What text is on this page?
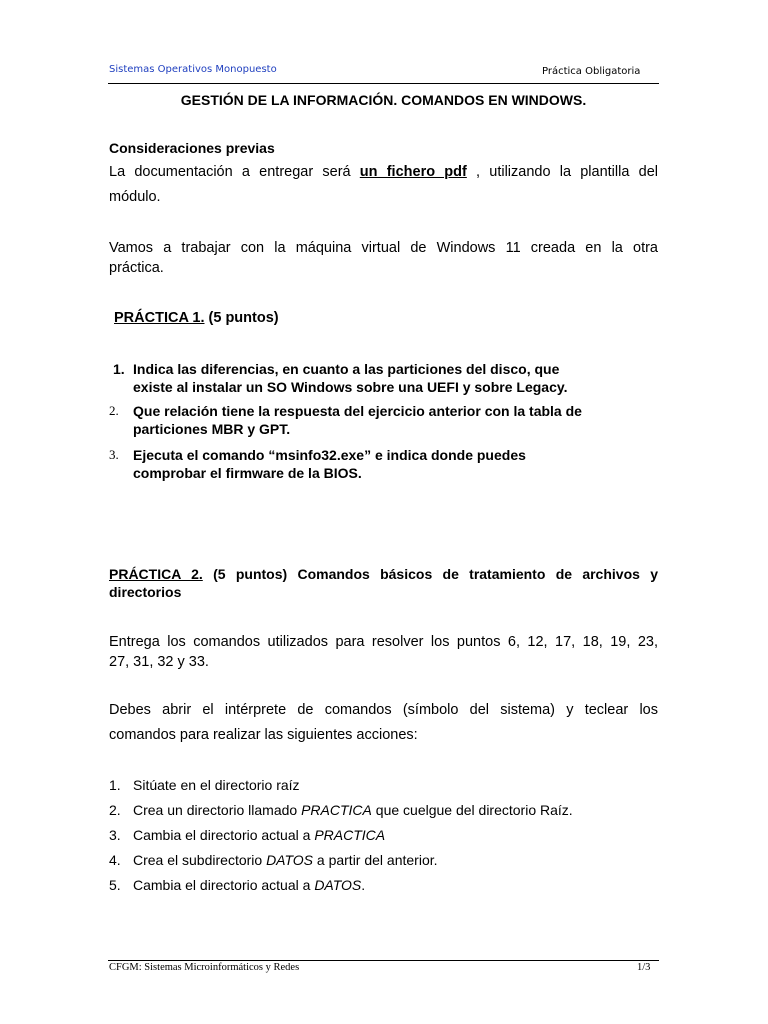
Sistemas Operativos Monopuesto	Práctica Obligatoria
GESTIÓN DE LA INFORMACIÓN. COMANDOS EN WINDOWS.
Consideraciones previas
La documentación a entregar será un fichero pdf , utilizando la plantilla del
módulo.
Vamos a trabajar con la máquina virtual de Windows 11 creada en la otra
práctica.
PRÁCTICA 1. (5 puntos)
1. Indica las diferencias, en cuanto a las particiones del disco, que
existe al instalar un SO Windows sobre una UEFI y sobre Legacy.
2. Que relación tiene la respuesta del ejercicio anterior con la tabla de
particiones MBR y GPT.
3. Ejecuta el comando “msinfo32.exe” e indica donde puedes
comprobar el firmware de la BIOS.
PRÁCTICA 2. (5 puntos) Comandos básicos de tratamiento de archivos y
directorios
Entrega los comandos utilizados para resolver los puntos 6, 12, 17, 18, 19, 23,
27, 31, 32 y 33.
Debes abrir el intérprete de comandos (símbolo del sistema) y teclear los
comandos para realizar las siguientes acciones:
1. Sitúate en el directorio raíz
2. Crea un directorio llamado PRACTICA que cuelgue del directorio Raíz.
3. Cambia el directorio actual a PRACTICA
4. Crea el subdirectorio DATOS a partir del anterior.
5. Cambia el directorio actual a DATOS.
CFGM: Sistemas Microinformáticos y Redes	1/3
